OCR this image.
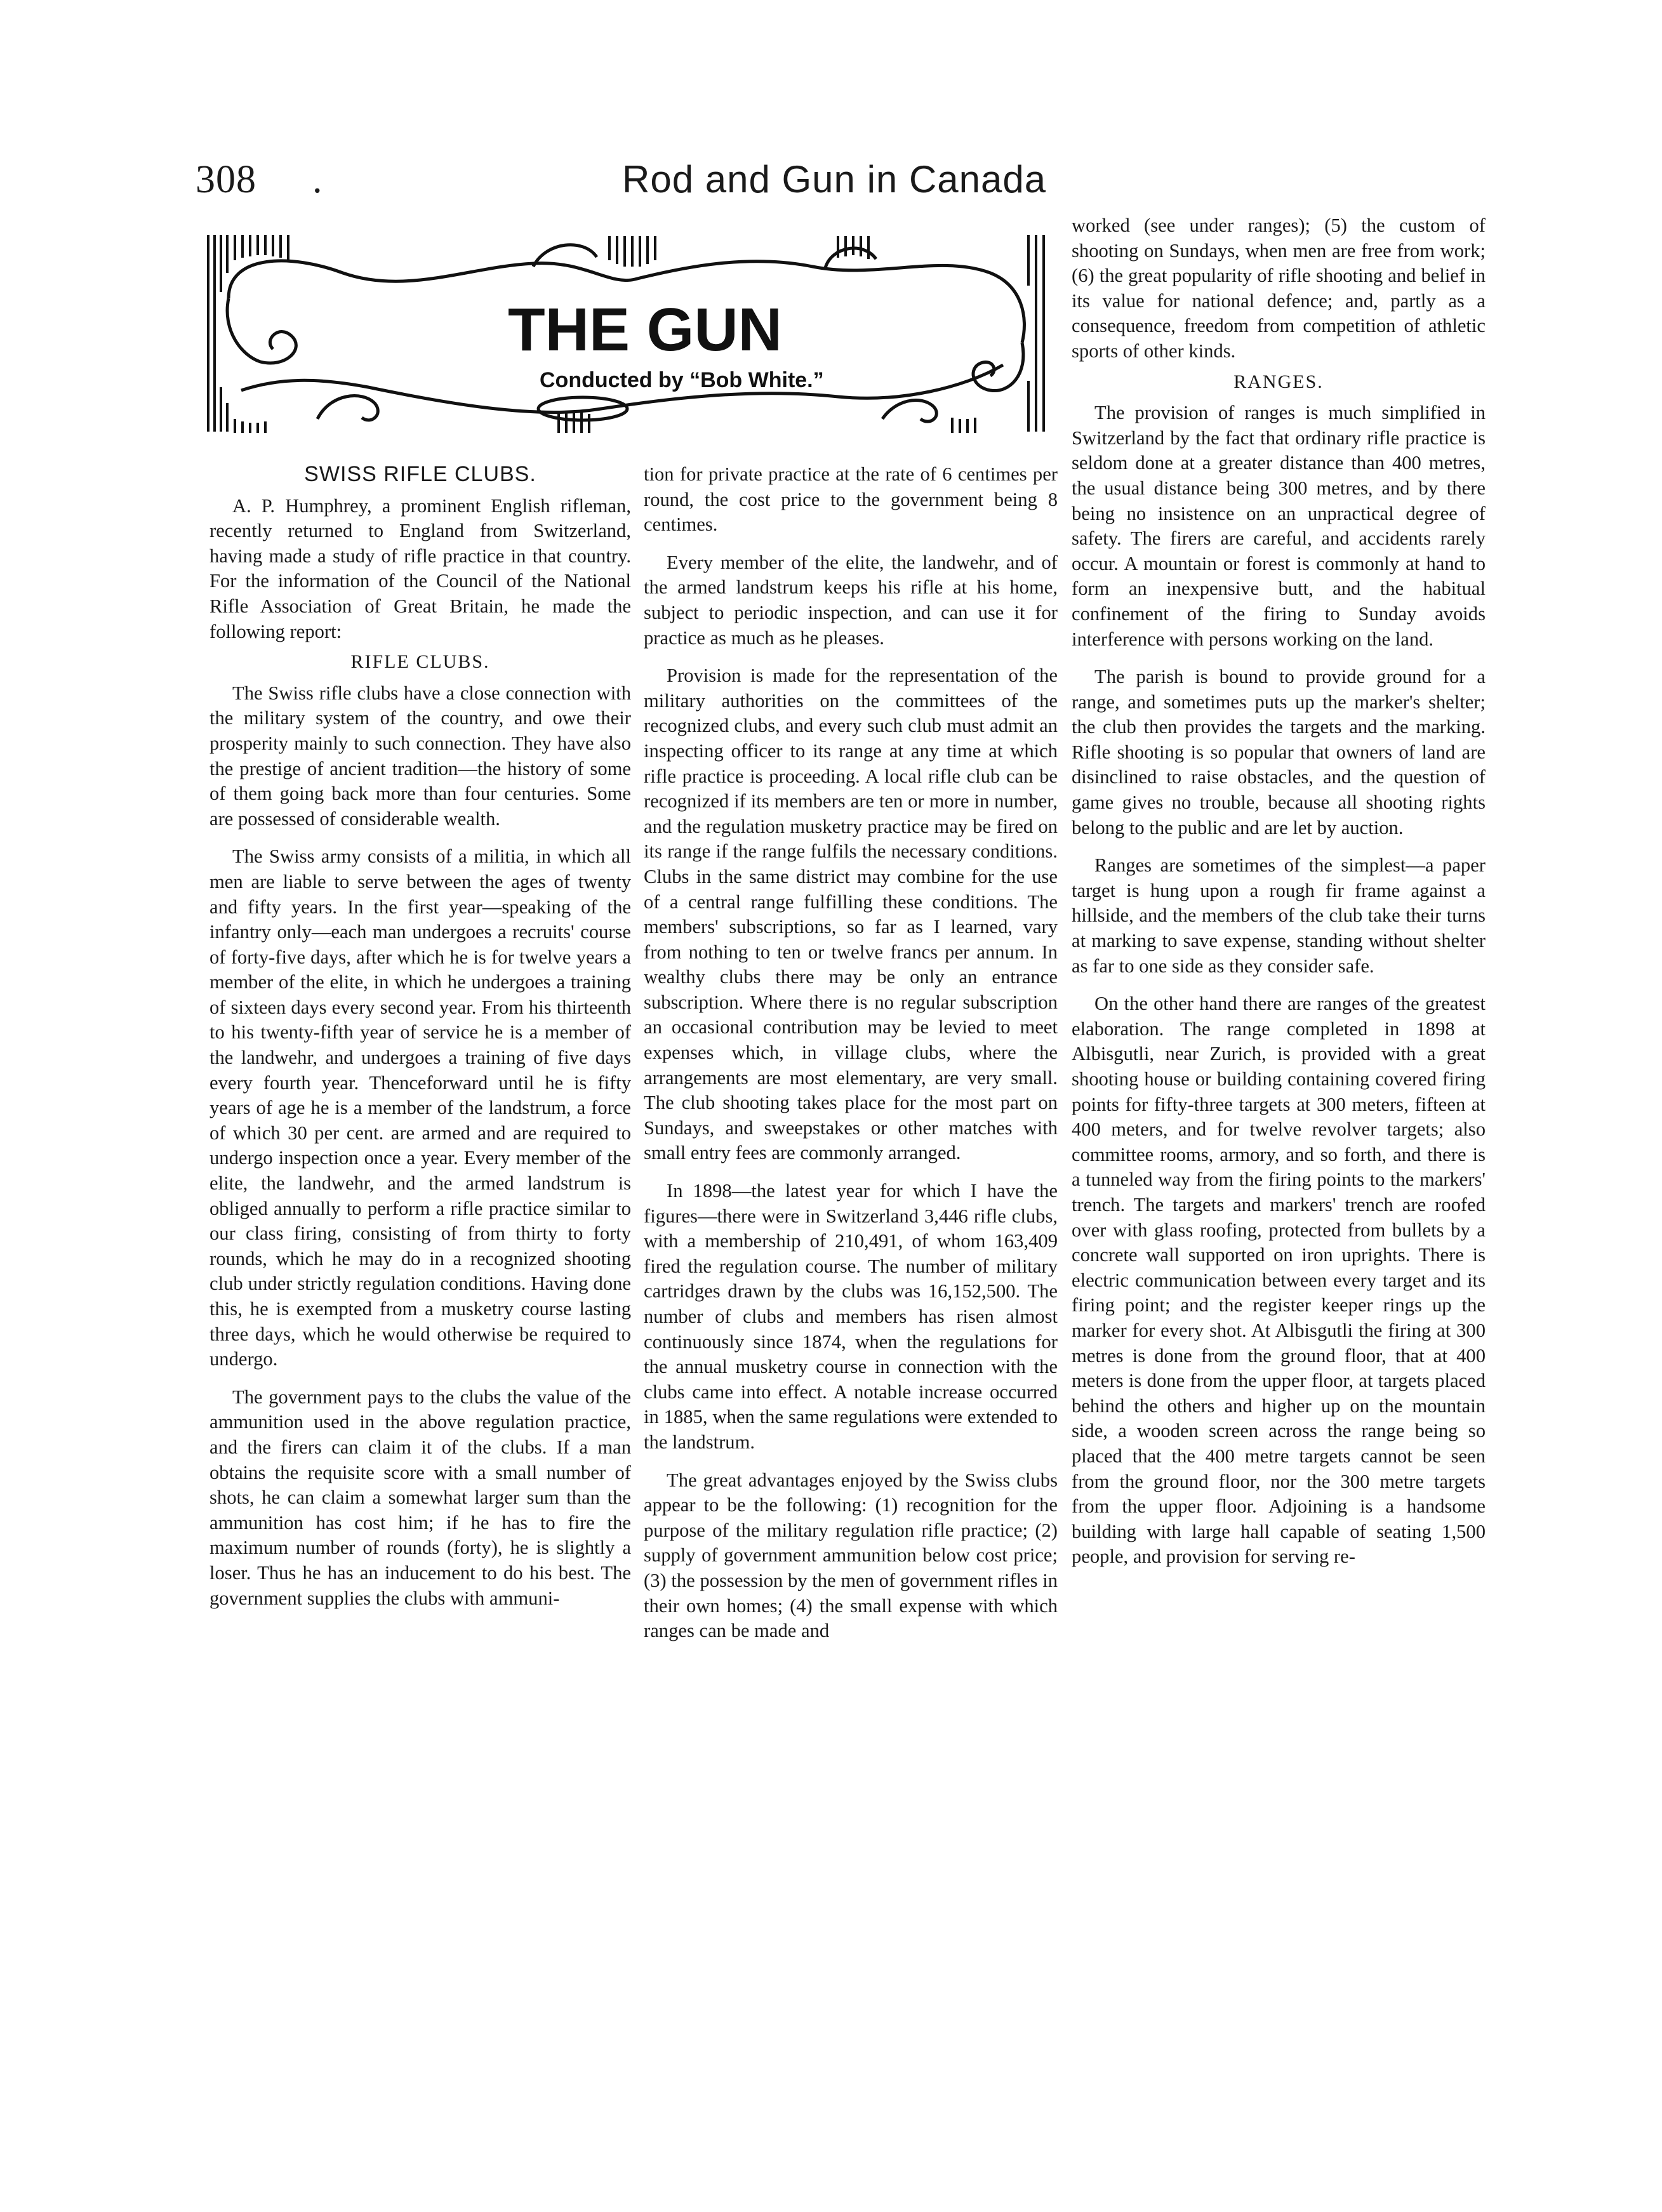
308 .	Rod and Gun in Canada
THE GUN
Conducted by “Bob White.”
SWISS RIFLE CLUBS.

A. P. Humphrey, a prominent English rifleman, recently returned to England from Switzerland, having made a study of rifle practice in that country. For the information of the Council of the National Rifle Association of Great Britain, he made the following report:

RIFLE CLUBS.

The Swiss rifle clubs have a close connection with the military system of the country, and owe their prosperity mainly to such connection. They have also the prestige of ancient tradition—the history of some of them going back more than four centuries. Some are possessed of considerable wealth.

The Swiss army consists of a militia, in which all men are liable to serve between the ages of twenty and fifty years. In the first year—speaking of the infantry only—each man undergoes a recruits' course of forty-five days, after which he is for twelve years a member of the elite, in which he undergoes a training of sixteen days every second year. From his thirteenth to his twenty-fifth year of service he is a member of the landwehr, and undergoes a training of five days every fourth year. Thenceforward until he is fifty years of age he is a member of the landstrum, a force of which 30 per cent. are armed and are required to undergo inspection once a year. Every member of the elite, the landwehr, and the armed landstrum is obliged annually to perform a rifle practice similar to our class firing, consisting of from thirty to forty rounds, which he may do in a recognized shooting club under strictly regulation conditions. Having done this, he is exempted from a musketry course lasting three days, which he would otherwise be required to undergo.

The government pays to the clubs the value of the ammunition used in the above regulation practice, and the firers can claim it of the clubs. If a man obtains the requisite score with a small number of shots, he can claim a somewhat larger sum than the ammunition has cost him; if he has to fire the maximum number of rounds (forty), he is slightly a loser. Thus he has an inducement to do his best. The government supplies the clubs with ammuni-

tion for private practice at the rate of 6 centimes per round, the cost price to the government being 8 centimes.

Every member of the elite, the landwehr, and of the armed landstrum keeps his rifle at his home, subject to periodic inspection, and can use it for practice as much as he pleases.

Provision is made for the representation of the military authorities on the committees of the recognized clubs, and every such club must admit an inspecting officer to its range at any time at which rifle practice is proceeding. A local rifle club can be recognized if its members are ten or more in number, and the regulation musketry practice may be fired on its range if the range fulfils the necessary conditions. Clubs in the same district may combine for the use of a central range fulfilling these conditions. The members' subscriptions, so far as I learned, vary from nothing to ten or twelve francs per annum. In wealthy clubs there may be only an entrance subscription. Where there is no regular subscription an occasional contribution may be levied to meet expenses which, in village clubs, where the arrangements are most elementary, are very small. The club shooting takes place for the most part on Sundays, and sweepstakes or other matches with small entry fees are commonly arranged.

In 1898—the latest year for which I have the figures—there were in Switzerland 3,446 rifle clubs, with a membership of 210,491, of whom 163,409 fired the regulation course. The number of military cartridges drawn by the clubs was 16,152,500. The number of clubs and members has risen almost continuously since 1874, when the regulations for the annual musketry course in connection with the clubs came into effect. A notable increase occurred in 1885, when the same regulations were extended to the landstrum.

The great advantages enjoyed by the Swiss clubs appear to be the following: (1) recognition for the purpose of the military regulation rifle practice; (2) supply of government ammunition below cost price; (3) the possession by the men of government rifles in their own homes; (4) the small expense with which ranges can be made and

worked (see under ranges); (5) the custom of shooting on Sundays, when men are free from work; (6) the great popularity of rifle shooting and belief in its value for national defence; and, partly as a consequence, freedom from competition of athletic sports of other kinds.

RANGES.

The provision of ranges is much simplified in Switzerland by the fact that ordinary rifle practice is seldom done at a greater distance than 400 metres, the usual distance being 300 metres, and by there being no insistence on an unpractical degree of safety. The firers are careful, and accidents rarely occur. A mountain or forest is commonly at hand to form an inexpensive butt, and the habitual confinement of the firing to Sunday avoids interference with persons working on the land.

The parish is bound to provide ground for a range, and sometimes puts up the marker's shelter; the club then provides the targets and the marking. Rifle shooting is so popular that owners of land are disinclined to raise obstacles, and the question of game gives no trouble, because all shooting rights belong to the public and are let by auction.

Ranges are sometimes of the simplest—a paper target is hung upon a rough fir frame against a hillside, and the members of the club take their turns at marking to save expense, standing without shelter as far to one side as they consider safe.

On the other hand there are ranges of the greatest elaboration. The range completed in 1898 at Albisgutli, near Zurich, is provided with a great shooting house or building containing covered firing points for fifty-three targets at 300 meters, fifteen at 400 meters, and for twelve revolver targets; also committee rooms, armory, and so forth, and there is a tunneled way from the firing points to the markers' trench. The targets and markers' trench are roofed over with glass roofing, protected from bullets by a concrete wall supported on iron uprights. There is electric communication between every target and its firing point; and the register keeper rings up the marker for every shot. At Albisgutli the firing at 300 metres is done from the ground floor, that at 400 meters is done from the upper floor, at targets placed behind the others and higher up on the mountain side, a wooden screen across the range being so placed that the 400 metre targets cannot be seen from the ground floor, nor the 300 metre targets from the upper floor. Adjoining is a handsome building with large hall capable of seating 1,500 people, and provision for serving re-
